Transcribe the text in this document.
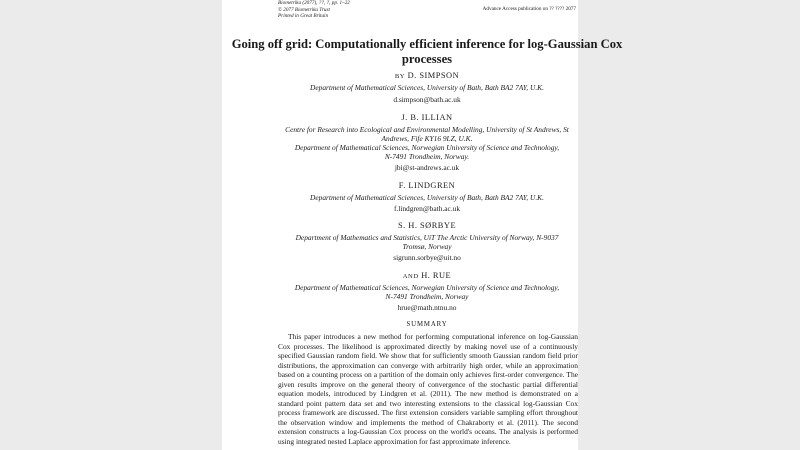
Biometrika (2077), ??, ?, pp. 1–22
© 2077 Biometrika Trust
Printed in Great Britain
Advance Access publication on ?? ???? 2077
Going off grid: Computationally efficient inference for log-Gaussian Cox processes
BY D. SIMPSON
Department of Mathematical Sciences, University of Bath, Bath BA2 7AY, U.K.
d.simpson@bath.ac.uk
J. B. ILLIAN
Centre for Research into Ecological and Environmental Modelling, University of St Andrews, St
Andrews, Fife KY16 9LZ, U.K.
Department of Mathematical Sciences, Norwegian University of Science and Technology,
N-7491 Trondheim, Norway.
jbi@st-andrews.ac.uk
F. LINDGREN
Department of Mathematical Sciences, University of Bath, Bath BA2 7AY, U.K.
f.lindgren@bath.ac.uk
S. H. SØRBYE
Department of Mathematics and Statistics, UiT The Arctic University of Norway, N-9037
Tromsø, Norway
sigrunn.sorbye@uit.no
AND H. RUE
Department of Mathematical Sciences, Norwegian University of Science and Technology,
N-7491 Trondheim, Norway
hrue@math.ntnu.no
SUMMARY

This paper introduces a new method for performing computational inference on log-Gaussian Cox processes. The likelihood is approximated directly by making novel use of a continuously specified Gaussian random field. We show that for sufficiently smooth Gaussian random field prior distributions, the approximation can converge with arbitrarily high order, while an approximation based on a counting process on a partition of the domain only achieves first-order convergence. The given results improve on the general theory of convergence of the stochastic partial differential equation models, introduced by Lindgren et al. (2011). The new method is demonstrated on a standard point pattern data set and two interesting extensions to the classical log-Gaussian Cox process framework are discussed. The first extension considers variable sampling effort throughout the observation window and implements the method of Chakraborty et al. (2011). The second extension constructs a log-Gaussian Cox process on the world's oceans. The analysis is performed using integrated nested Laplace approximation for fast approximate inference.
